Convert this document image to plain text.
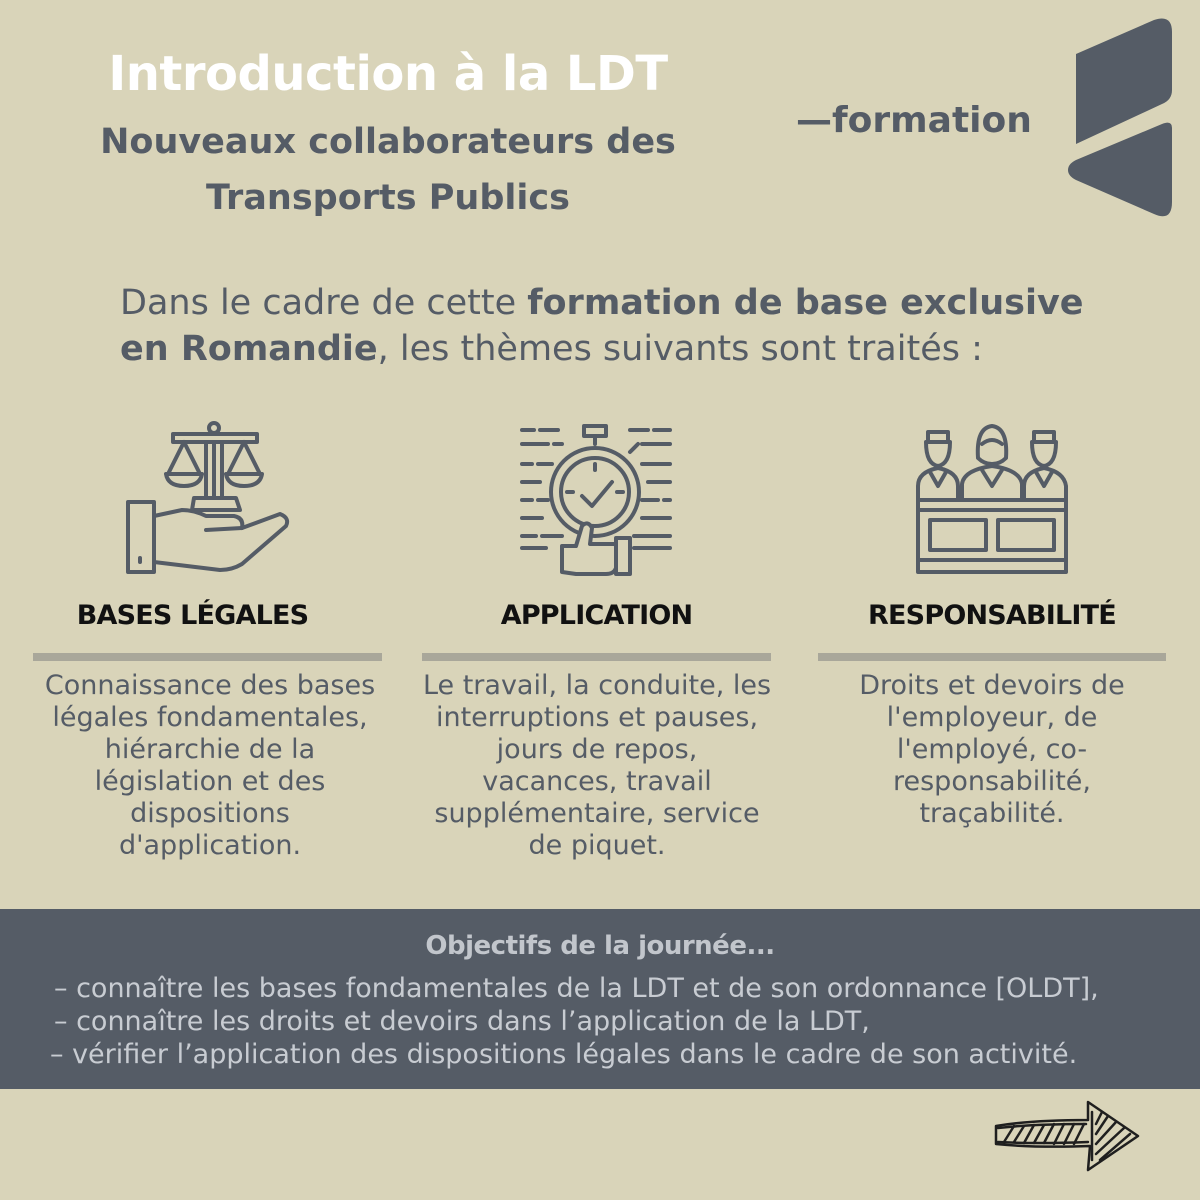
Introduction à la LDT
Nouveaux collaborateurs des
Transports Publics
—formation
Dans le cadre de cette formation de base exclusive
en Romandie, les thèmes suivants sont traités :
BASES LÉGALES
Connaissance des bases
légales fondamentales,
hiérarchie de la
législation et des
dispositions
d'application.
APPLICATION
Le travail, la conduite, les
interruptions et pauses,
jours de repos,
vacances, travail
supplémentaire, service
de piquet.
RESPONSABILITÉ
Droits et devoirs de
l'employeur, de
l'employé, co-
responsabilité,
traçabilité.
Objectifs de la journée...
– connaître les bases fondamentales de la LDT et de son ordonnance [OLDT],
– connaître les droits et devoirs dans l’application de la LDT,
– vérifier l’application des dispositions légales dans le cadre de son activité.
